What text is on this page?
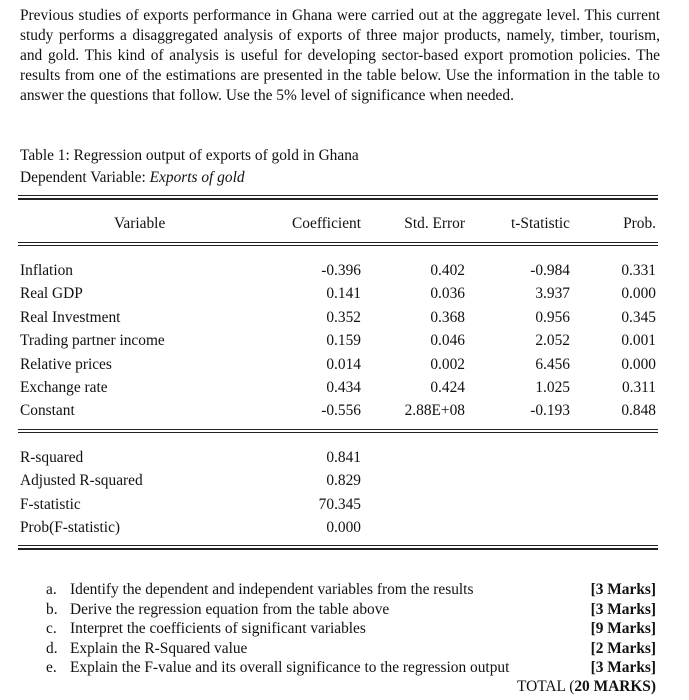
Previous studies of exports performance in Ghana were carried out at the aggregate level. This current study performs a disaggregated analysis of exports of three major products, namely, timber, tourism, and gold. This kind of analysis is useful for developing sector-based export promotion policies. The results from one of the estimations are presented in the table below. Use the information in the table to answer the questions that follow. Use the 5% level of significance when needed.

Table 1: Regression output of exports of gold in Ghana
Dependent Variable: Exports of gold
Variable	Coefficient	Std. Error	t-Statistic	Prob.
Inflation	-0.396	0.402	-0.984	0.331
Real GDP	0.141	0.036	3.937	0.000
Real Investment	0.352	0.368	0.956	0.345
Trading partner income	0.159	0.046	2.052	0.001
Relative prices	0.014	0.002	6.456	0.000
Exchange rate	0.434	0.424	1.025	0.311
Constant	-0.556	2.88E+08	-0.193	0.848
R-squared	0.841
Adjusted R-squared	0.829
F-statistic	70.345
Prob(F-statistic)	0.000
a. Identify the dependent and independent variables from the results	[3 Marks]
b. Derive the regression equation from the table above	[3 Marks]
c. Interpret the coefficients of significant variables	[9 Marks]
d. Explain the R-Squared value	[2 Marks]
e. Explain the F-value and its overall significance to the regression output	[3 Marks]
TOTAL (20 MARKS)
